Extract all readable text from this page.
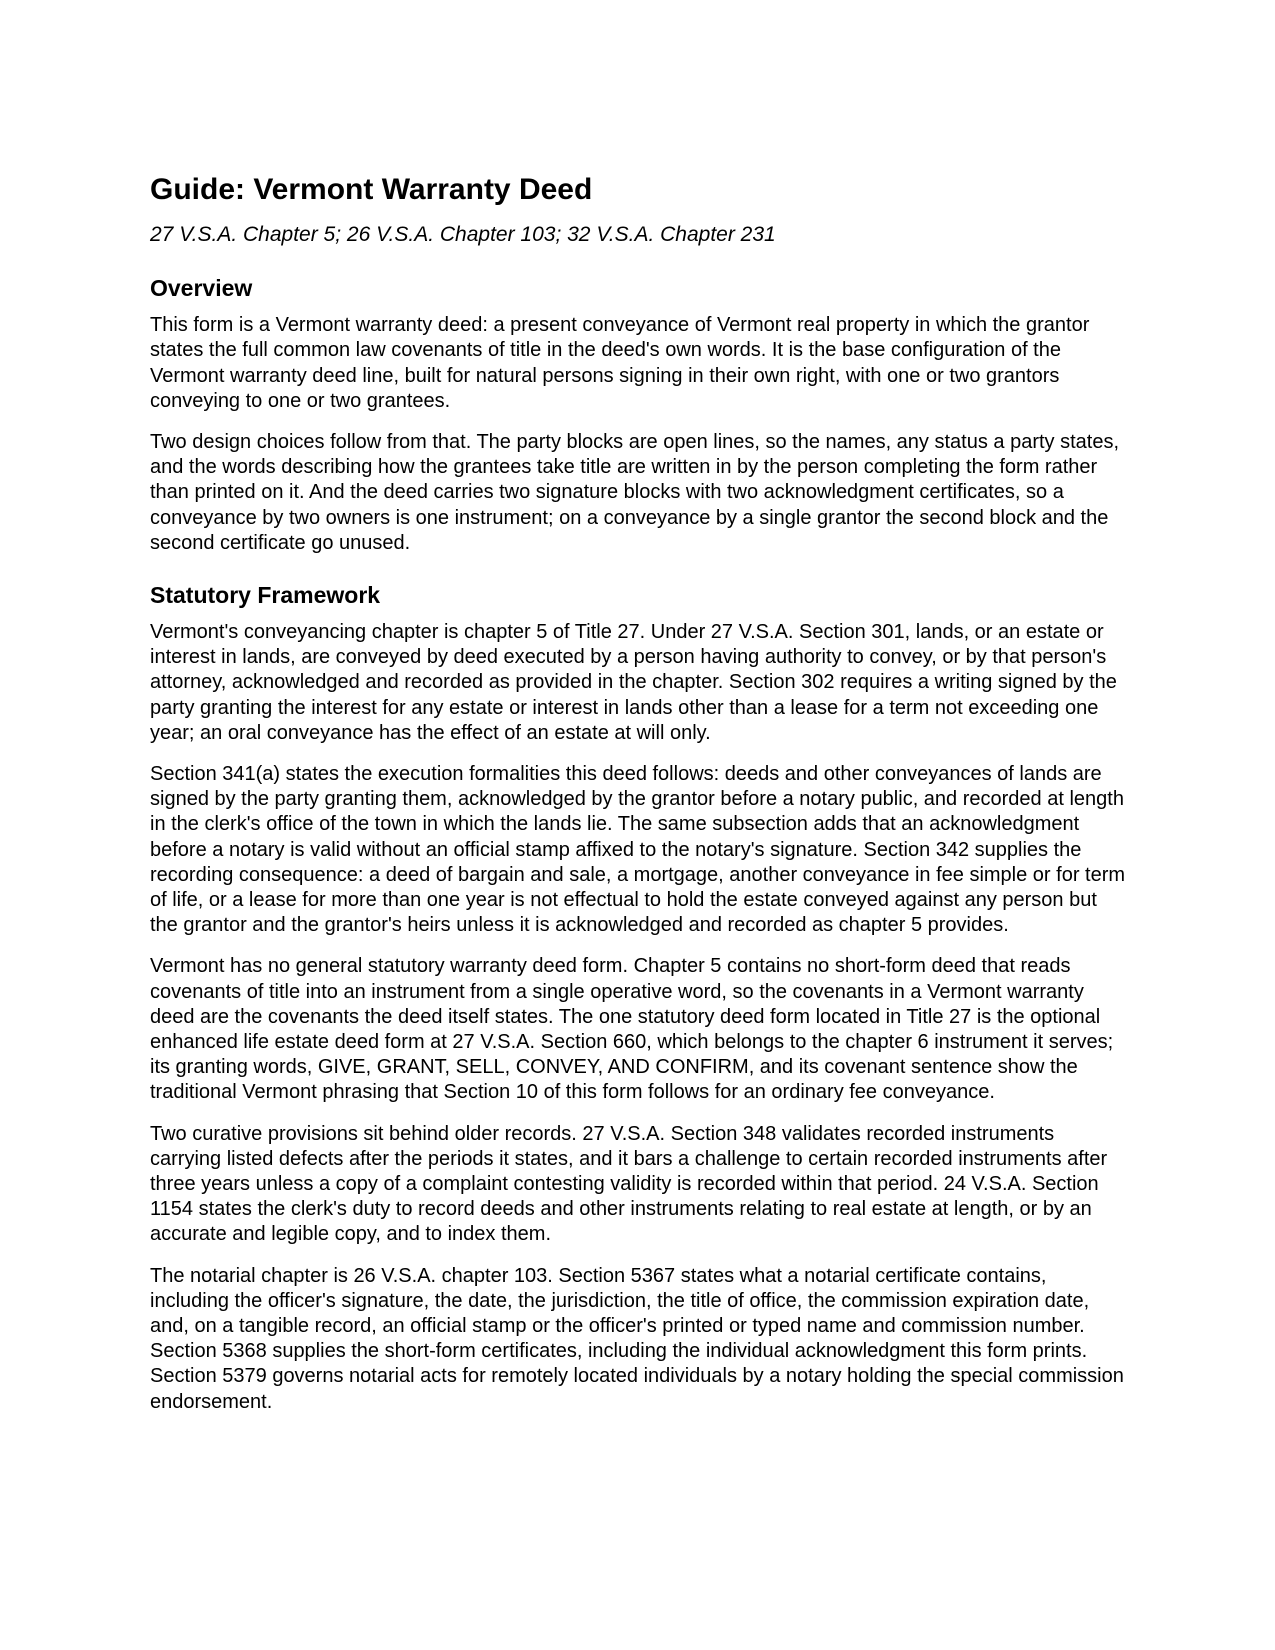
Guide: Vermont Warranty Deed
27 V.S.A. Chapter 5; 26 V.S.A. Chapter 103; 32 V.S.A. Chapter 231
Overview

This form is a Vermont warranty deed: a present conveyance of Vermont real property in which the grantor states the full common law covenants of title in the deed's own words. It is the base configuration of the Vermont warranty deed line, built for natural persons signing in their own right, with one or two grantors conveying to one or two grantees.

Two design choices follow from that. The party blocks are open lines, so the names, any status a party states, and the words describing how the grantees take title are written in by the person completing the form rather than printed on it. And the deed carries two signature blocks with two acknowledgment certificates, so a conveyance by two owners is one instrument; on a conveyance by a single grantor the second block and the second certificate go unused.

Statutory Framework

Vermont's conveyancing chapter is chapter 5 of Title 27. Under 27 V.S.A. Section 301, lands, or an estate or interest in lands, are conveyed by deed executed by a person having authority to convey, or by that person's attorney, acknowledged and recorded as provided in the chapter. Section 302 requires a writing signed by the party granting the interest for any estate or interest in lands other than a lease for a term not exceeding one year; an oral conveyance has the effect of an estate at will only.

Section 341(a) states the execution formalities this deed follows: deeds and other conveyances of lands are signed by the party granting them, acknowledged by the grantor before a notary public, and recorded at length in the clerk's office of the town in which the lands lie. The same subsection adds that an acknowledgment before a notary is valid without an official stamp affixed to the notary's signature. Section 342 supplies the recording consequence: a deed of bargain and sale, a mortgage, another conveyance in fee simple or for term of life, or a lease for more than one year is not effectual to hold the estate conveyed against any person but the grantor and the grantor's heirs unless it is acknowledged and recorded as chapter 5 provides.

Vermont has no general statutory warranty deed form. Chapter 5 contains no short-form deed that reads covenants of title into an instrument from a single operative word, so the covenants in a Vermont warranty deed are the covenants the deed itself states. The one statutory deed form located in Title 27 is the optional enhanced life estate deed form at 27 V.S.A. Section 660, which belongs to the chapter 6 instrument it serves; its granting words, GIVE, GRANT, SELL, CONVEY, AND CONFIRM, and its covenant sentence show the traditional Vermont phrasing that Section 10 of this form follows for an ordinary fee conveyance.

Two curative provisions sit behind older records. 27 V.S.A. Section 348 validates recorded instruments carrying listed defects after the periods it states, and it bars a challenge to certain recorded instruments after three years unless a copy of a complaint contesting validity is recorded within that period. 24 V.S.A. Section 1154 states the clerk's duty to record deeds and other instruments relating to real estate at length, or by an accurate and legible copy, and to index them.

The notarial chapter is 26 V.S.A. chapter 103. Section 5367 states what a notarial certificate contains, including the officer's signature, the date, the jurisdiction, the title of office, the commission expiration date, and, on a tangible record, an official stamp or the officer's printed or typed name and commission number. Section 5368 supplies the short-form certificates, including the individual acknowledgment this form prints. Section 5379 governs notarial acts for remotely located individuals by a notary holding the special commission endorsement.
